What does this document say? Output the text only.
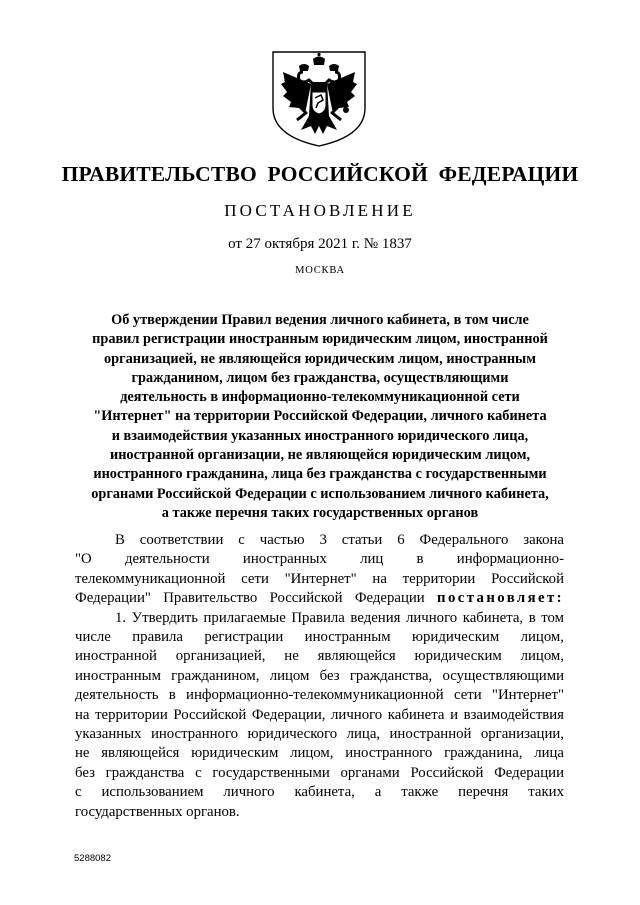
ПРАВИТЕЛЬСТВО РОССИЙСКОЙ ФЕДЕРАЦИИ
ПОСТАНОВЛЕНИЕ
от 27 октября 2021 г. № 1837
МОСКВА
Об утверждении Правил ведения личного кабинета, в том числе
правил регистрации иностранным юридическим лицом, иностранной
организацией, не являющейся юридическим лицом, иностранным
гражданином, лицом без гражданства, осуществляющими
деятельность в информационно-телекоммуникационной сети
"Интернет" на территории Российской Федерации, личного кабинета
и взаимодействия указанных иностранного юридического лица,
иностранной организации, не являющейся юридическим лицом,
иностранного гражданина, лица без гражданства с государственными
органами Российской Федерации с использованием личного кабинета,
а также перечня таких государственных органов
В соответствии с частью 3 статьи 6 Федерального закона
"О деятельности иностранных лиц в информационно-
телекоммуникационной сети "Интернет" на территории Российской
Федерации" Правительство Российской Федерации постановляет:
1. Утвердить прилагаемые Правила ведения личного кабинета, в том
числе правила регистрации иностранным юридическим лицом,
иностранной организацией, не являющейся юридическим лицом,
иностранным гражданином, лицом без гражданства, осуществляющими
деятельность в информационно-телекоммуникационной сети "Интернет"
на территории Российской Федерации, личного кабинета и взаимодействия
указанных иностранного юридического лица, иностранной организации,
не являющейся юридическим лицом, иностранного гражданина, лица
без гражданства с государственными органами Российской Федерации
с использованием личного кабинета, а также перечня таких
государственных органов.
5288082
